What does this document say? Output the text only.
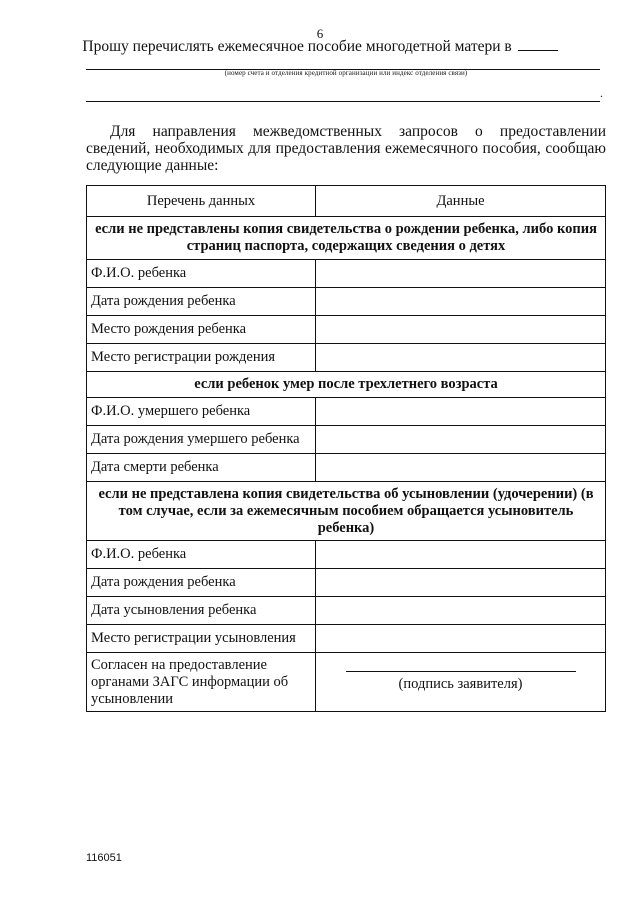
6
Прошу перечислять ежемесячное пособие многодетной матери в
(номер счета и отделения кредитной организации или индекс отделения связи)
.
Для направления межведомственных запросов о предоставлении сведений, необходимых для предоставления ежемесячного пособия, сообщаю следующие данные:
Перечень данных	Данные
если не представлены копия свидетельства о рождении ребенка, либо копия страниц паспорта, содержащих сведения о детях	
Ф.И.О. ребенка	
Дата рождения ребенка	
Место рождения ребенка	
Место регистрации рождения	
если ребенок умер после трехлетнего возраста	
Ф.И.О. умершего ребенка	
Дата рождения умершего ребенка	
Дата смерти ребенка	
если не представлена копия свидетельства об усыновлении (удочерении) (в том случае, если за ежемесячным пособием обращается усыновитель ребенка)	
Ф.И.О. ребенка	
Дата рождения ребенка	
Дата усыновления ребенка	
Место регистрации усыновления	
Согласен на предоставление органами ЗАГС информации об усыновлении	(подпись заявителя)
116051
